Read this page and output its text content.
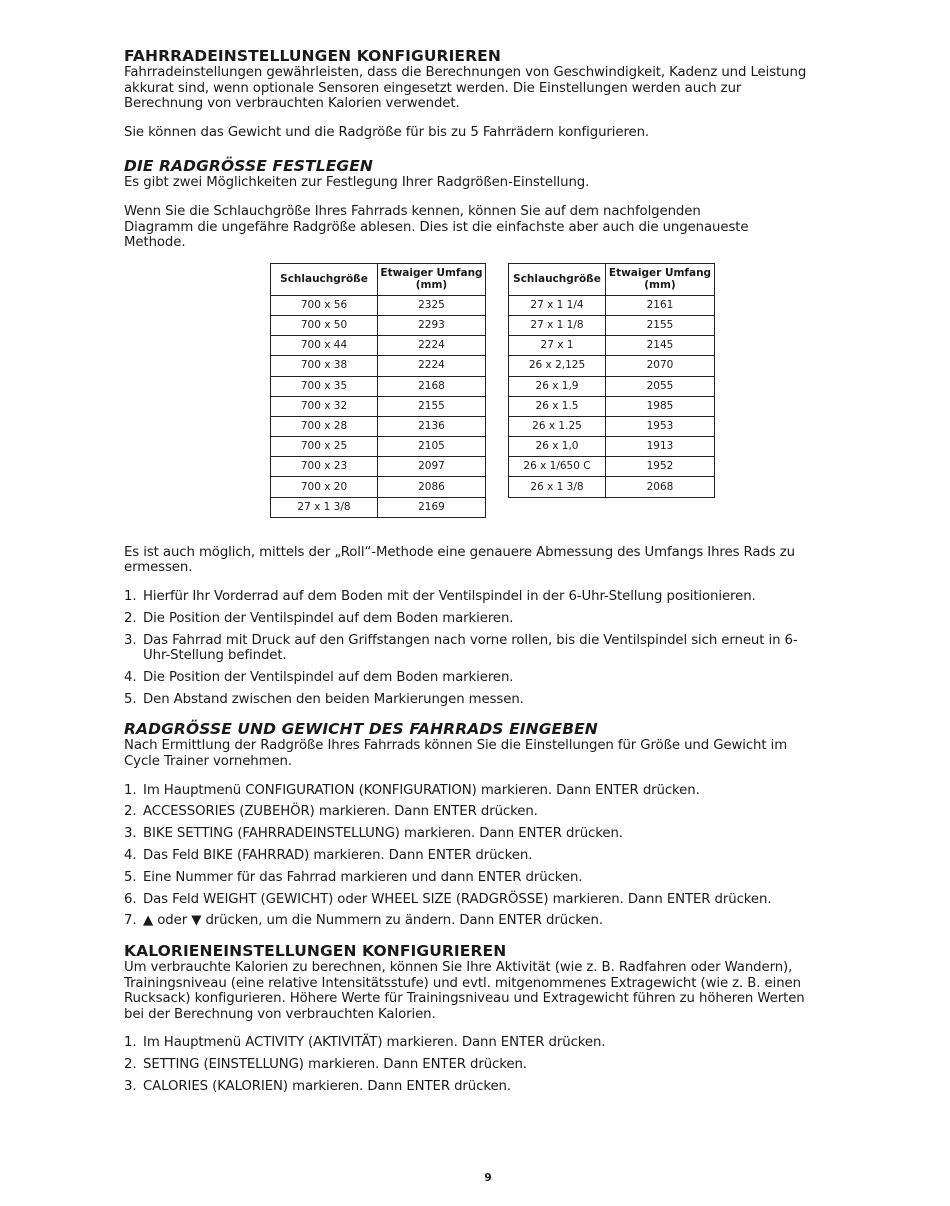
FAHRRADEINSTELLUNGEN KONFIGURIEREN

Fahrradeinstellungen gewährleisten, dass die Berechnungen von Geschwindigkeit, Kadenz und Leistung akkurat sind, wenn optionale Sensoren eingesetzt werden. Die Einstellungen werden auch zur Berechnung von verbrauchten Kalorien verwendet.

Sie können das Gewicht und die Radgröße für bis zu 5 Fahrrädern konfigurieren.

DIE RADGRÖSSE FESTLEGEN

Es gibt zwei Möglichkeiten zur Festlegung Ihrer Radgrößen-Einstellung.

Wenn Sie die Schlauchgröße Ihres Fahrrads kennen, können Sie auf dem nachfolgenden Diagramm die ungefähre Radgröße ablesen. Dies ist die einfachste aber auch die ungenaueste Methode.

Schlauchgröße	Etwaiger Umfang (mm)
700 x 56	2325
700 x 50	2293
700 x 44	2224
700 x 38	2224
700 x 35	2168
700 x 32	2155
700 x 28	2136
700 x 25	2105
700 x 23	2097
700 x 20	2086
27 x 1 3/8	2169
Schlauchgröße	Etwaiger Umfang (mm)
27 x 1 1/4	2161
27 x 1 1/8	2155
27 x 1	2145
26 x 2,125	2070
26 x 1,9	2055
26 x 1.5	1985
26 x 1.25	1953
26 x 1,0	1913
26 x 1/650 C	1952
26 x 1 3/8	2068

Es ist auch möglich, mittels der „Roll“-Methode eine genauere Abmessung des Umfangs Ihres Rads zu ermessen.

1. Hierfür Ihr Vorderrad auf dem Boden mit der Ventilspindel in der 6-Uhr-Stellung positionieren.
2. Die Position der Ventilspindel auf dem Boden markieren.
3. Das Fahrrad mit Druck auf den Griffstangen nach vorne rollen, bis die Ventilspindel sich erneut in 6-Uhr-Stellung befindet.
4. Die Position der Ventilspindel auf dem Boden markieren.
5. Den Abstand zwischen den beiden Markierungen messen.
RADGRÖSSE UND GEWICHT DES FAHRRADS EINGEBEN

Nach Ermittlung der Radgröße Ihres Fahrrads können Sie die Einstellungen für Größe und Gewicht im Cycle Trainer vornehmen.

1. Im Hauptmenü CONFIGURATION (KONFIGURATION) markieren. Dann ENTER drücken.
2. ACCESSORIES (ZUBEHÖR) markieren. Dann ENTER drücken.
3. BIKE SETTING (FAHRRADEINSTELLUNG) markieren. Dann ENTER drücken.
4. Das Feld BIKE (FAHRRAD) markieren. Dann ENTER drücken.
5. Eine Nummer für das Fahrrad markieren und dann ENTER drücken.
6. Das Feld WEIGHT (GEWICHT) oder WHEEL SIZE (RADGRÖSSE) markieren. Dann ENTER drücken.
7. ▲ oder ▼ drücken, um die Nummern zu ändern. Dann ENTER drücken.
KALORIENEINSTELLUNGEN KONFIGURIEREN

Um verbrauchte Kalorien zu berechnen, können Sie Ihre Aktivität (wie z. B. Radfahren oder Wandern), Trainingsniveau (eine relative Intensitätsstufe) und evtl. mitgenommenes Extragewicht (wie z. B. einen Rucksack) konfigurieren. Höhere Werte für Trainingsniveau und Extragewicht führen zu höheren Werten bei der Berechnung von verbrauchten Kalorien.

1. Im Hauptmenü ACTIVITY (AKTIVITÄT) markieren. Dann ENTER drücken.
2. SETTING (EINSTELLUNG) markieren. Dann ENTER drücken.
3. CALORIES (KALORIEN) markieren. Dann ENTER drücken.
9
